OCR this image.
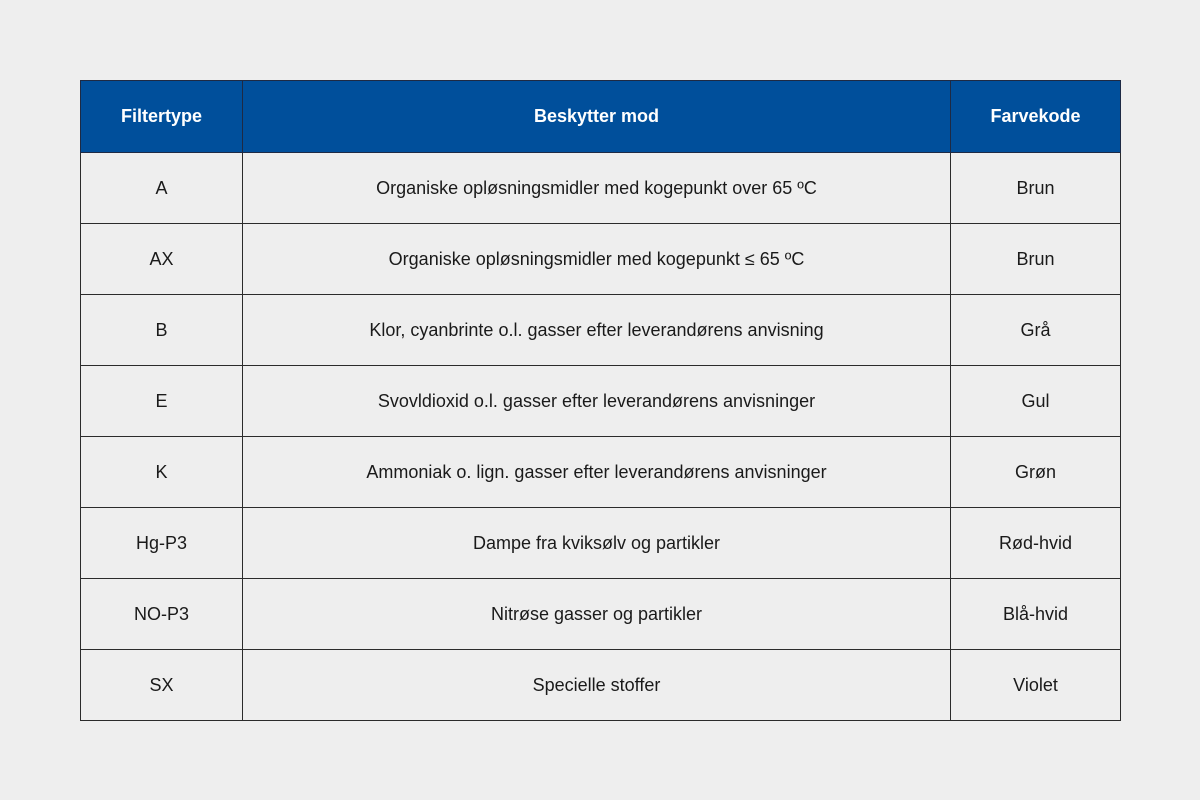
Filtertype	Beskytter mod	Farvekode
A	Organiske opløsningsmidler med kogepunkt over 65 ºC	Brun
AX	Organiske opløsningsmidler med kogepunkt ≤ 65 ºC	Brun
B	Klor, cyanbrinte o.l. gasser efter leverandørens anvisning	Grå
E	Svovldioxid o.l. gasser efter leverandørens anvisninger	Gul
K	Ammoniak o. lign. gasser efter leverandørens anvisninger	Grøn
Hg-P3	Dampe fra kviksølv og partikler	Rød-hvid
NO-P3	Nitrøse gasser og partikler	Blå-hvid
SX	Specielle stoffer	Violet
